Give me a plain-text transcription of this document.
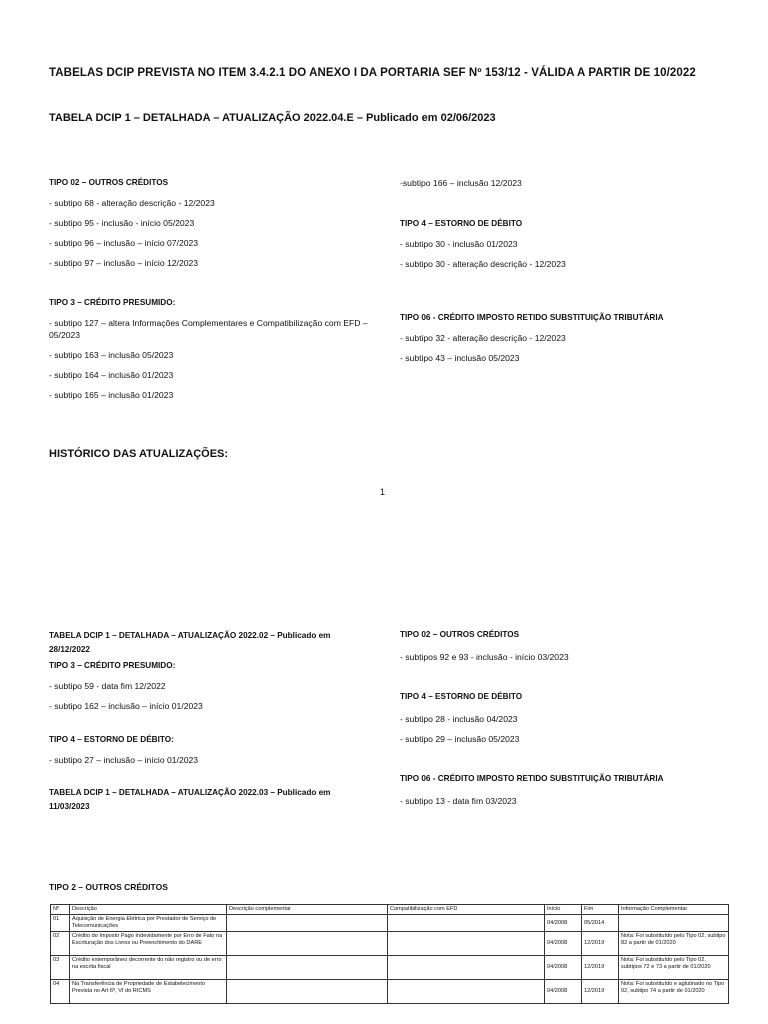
TABELAS DCIP PREVISTA NO ITEM 3.4.2.1 DO ANEXO I DA PORTARIA SEF Nº 153/12 - VÁLIDA A PARTIR DE 10/2022
TABELA DCIP 1 – DETALHADA – ATUALIZAÇÃO 2022.04.E – Publicado em 02/06/2023

TIPO 02 – OUTROS CRÉDITOS

- subtipo 68 - alteração descrição - 12/2023

- subtipo 95 - inclusão - início 05/2023

- subtipo 96 – inclusão – início 07/2023

- subtipo 97 – inclusão – início 12/2023

TIPO 3 – CRÉDITO PRESUMIDO:

- subtipo 127 – altera Informações Complementares e Compatibilização com EFD – 05/2023

- subtipo 163 – inclusão 05/2023

- subtipo 164 – inclusão 01/2023

- subtipo 165 – inclusão 01/2023

-subtipo 166 – inclusão 12/2023

TIPO 4 – ESTORNO DE DÉBITO

- subtipo 30 - inclusão 01/2023

- subtipo 30 - alteração descrição - 12/2023

TIPO 06 - CRÉDITO IMPOSTO RETIDO SUBSTITUIÇÃO TRIBUTÁRIA

- subtipo 32 - alteração descrição - 12/2023

- subtipo 43 – inclusão 05/2023

HISTÓRICO DAS ATUALIZAÇÕES:
1

TABELA DCIP 1 – DETALHADA – ATUALIZAÇÃO 2022.02 – Publicado em 28/12/2022

TIPO 3 – CRÉDITO PRESUMIDO:

- subtipo 59 - data fim 12/2022

- subtipo 162 – inclusão – início 01/2023

TIPO 4 – ESTORNO DE DÉBITO:

- subtipo 27 – inclusão – início 01/2023

TABELA DCIP 1 – DETALHADA – ATUALIZAÇÃO 2022.03 – Publicado em 11/03/2023

TIPO 02 – OUTROS CRÉDITOS

- subtipos 92 e 93 - inclusão - início 03/2023

TIPO 4 – ESTORNO DE DÉBITO

- subtipo 28 - inclusão 04/2023

- subtipo 29 – inclusão 05/2023

TIPO 06 - CRÉDITO IMPOSTO RETIDO SUBSTITUIÇÃO TRIBUTÁRIA

- subtipo 13 - data fim 03/2023

TIPO 2 – OUTROS CRÉDITOS
Nº	Descrição	Descrição complementar	Compatibilização com EFD	Início	Fim	Informação Complementar
01	Aquisição de Energia Elétrica por Prestador de Serviço de Telecomunicações			04/2008	05/2014	
02	Crédito do Imposto Pago Indevidamente por Erro de Fato na Escrituração dos Livros ou Preenchimento do DARE			04/2008	12/2019	Nota: Foi substituído pelo Tipo 02, subtipo 82 a partir de 01/2020
03	Crédito extemporâneo decorrente do não registro ou de erro na escrita fiscal			04/2008	12/2019	Nota: Foi substituído pelo Tipo 02, subtipos 72 e 73 a partir de 01/2020
04	Na Transferência de Propriedade de Estabelecimento Prevista no Art 6º, VI do RICMS			04/2008	12/2019	Nota: Foi substituído e aglutinado no Tipo 02, subtipo 74 a partir de 01/2020
